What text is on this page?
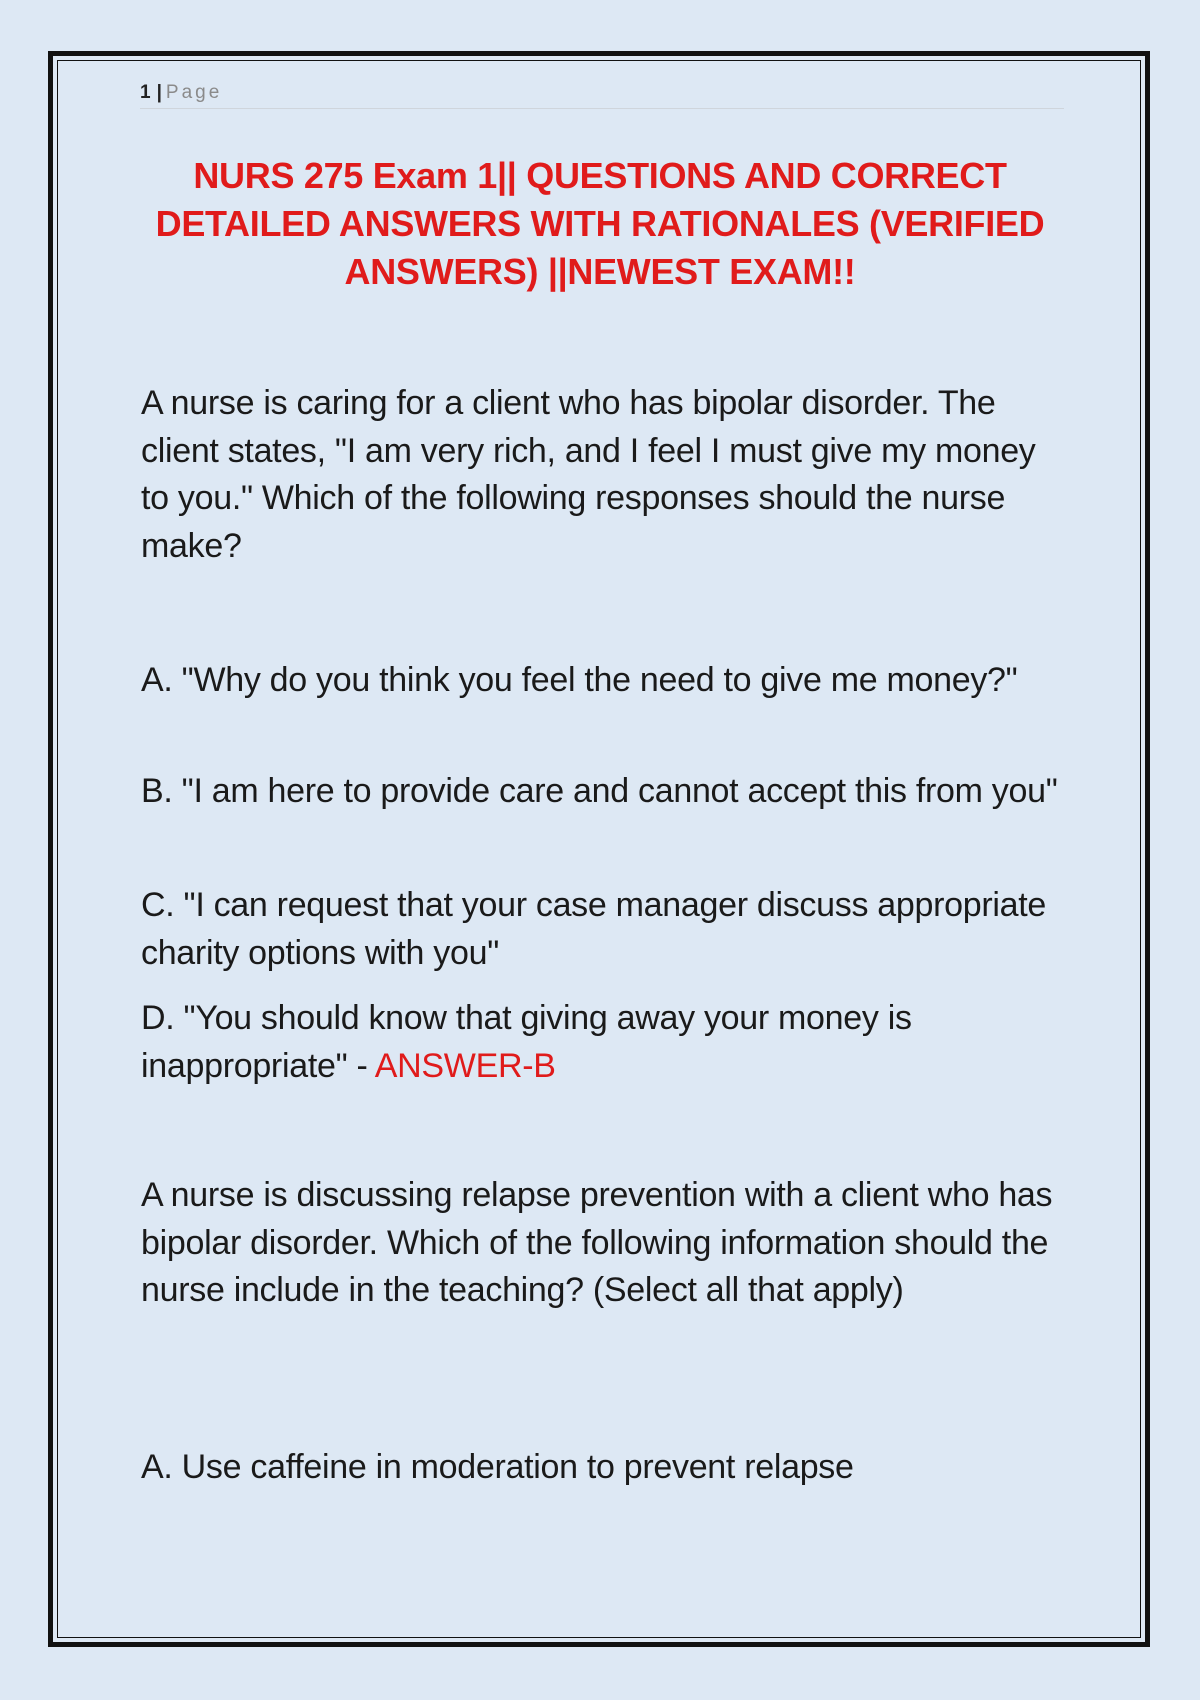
1 | Page
NURS 275 Exam 1|| QUESTIONS AND CORRECT DETAILED ANSWERS WITH RATIONALES (VERIFIED ANSWERS) ||NEWEST EXAM!!

A nurse is caring for a client who has bipolar disorder. The client states, "I am very rich, and I feel I must give my money to you." Which of the following responses should the nurse make?

A. "Why do you think you feel the need to give me money?"

B. "I am here to provide care and cannot accept this from you"

C. "I can request that your case manager discuss appropriate charity options with you"

D. "You should know that giving away your money is inappropriate" - ANSWER-B

A nurse is discussing relapse prevention with a client who has bipolar disorder. Which of the following information should the nurse include in the teaching? (Select all that apply)

A. Use caffeine in moderation to prevent relapse
